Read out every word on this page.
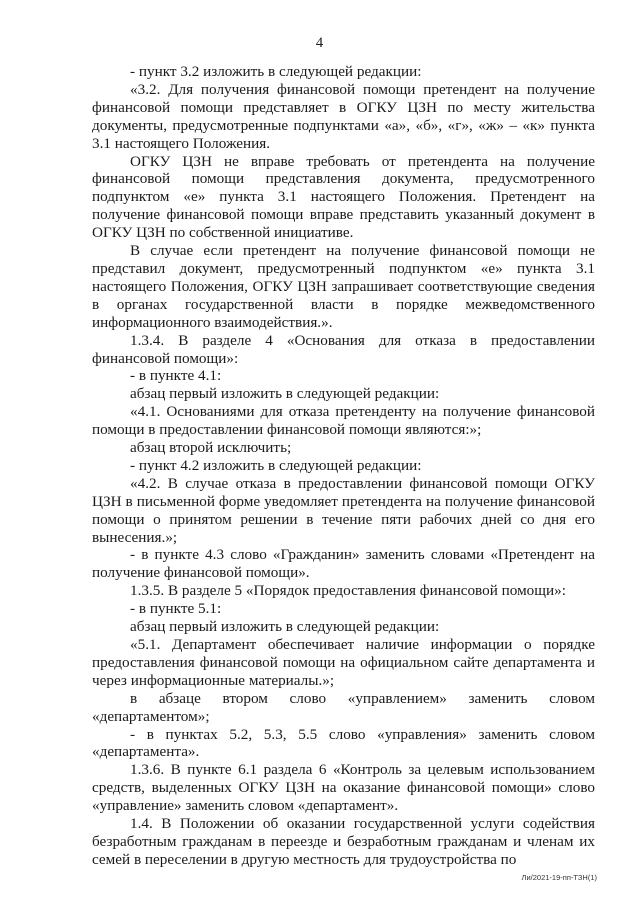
4

- пункт 3.2 изложить в следующей редакции:

«3.2. Для получения финансовой помощи претендент на получение финансовой помощи представляет в ОГКУ ЦЗН по месту жительства документы, предусмотренные подпунктами «а», «б», «г», «ж» – «к» пункта 3.1 настоящего Положения.

ОГКУ ЦЗН не вправе требовать от претендента на получение финансовой помощи представления документа, предусмотренного подпунктом «е» пункта 3.1 настоящего Положения. Претендент на получение финансовой помощи вправе представить указанный документ в ОГКУ ЦЗН по собственной инициативе.

В случае если претендент на получение финансовой помощи не представил документ, предусмотренный подпунктом «е» пункта 3.1 настоящего Положения, ОГКУ ЦЗН запрашивает соответствующие сведения в органах государственной власти в порядке межведомственного информационного взаимодействия.».

1.3.4. В разделе 4 «Основания для отказа в предоставлении финансовой помощи»:

- в пункте 4.1:

абзац первый изложить в следующей редакции:

«4.1. Основаниями для отказа претенденту на получение финансовой помощи в предоставлении финансовой помощи являются:»;

абзац второй исключить;

- пункт 4.2 изложить в следующей редакции:

«4.2. В случае отказа в предоставлении финансовой помощи ОГКУ ЦЗН в письменной форме уведомляет претендента на получение финансовой помощи о принятом решении в течение пяти рабочих дней со дня его вынесения.»;

- в пункте 4.3 слово «Гражданин» заменить словами «Претендент на получение финансовой помощи».

1.3.5. В разделе 5 «Порядок предоставления финансовой помощи»:

- в пункте 5.1:

абзац первый изложить в следующей редакции:

«5.1. Департамент обеспечивает наличие информации о порядке предоставления финансовой помощи на официальном сайте департамента и через информационные материалы.»;

в абзаце втором слово «управлением» заменить словом «департаментом»;

- в пунктах 5.2, 5.3, 5.5 слово «управления» заменить словом «департамента».

1.3.6. В пункте 6.1 раздела 6 «Контроль за целевым использованием средств, выделенных ОГКУ ЦЗН на оказание финансовой помощи» слово «управление» заменить словом «департамент».

1.4. В Положении об оказании государственной услуги содействия безработным гражданам в переезде и безработным гражданам и членам их семей в переселении в другую местность для трудоустройства по

Ли/2021-19-пп-ТЗН(1)
